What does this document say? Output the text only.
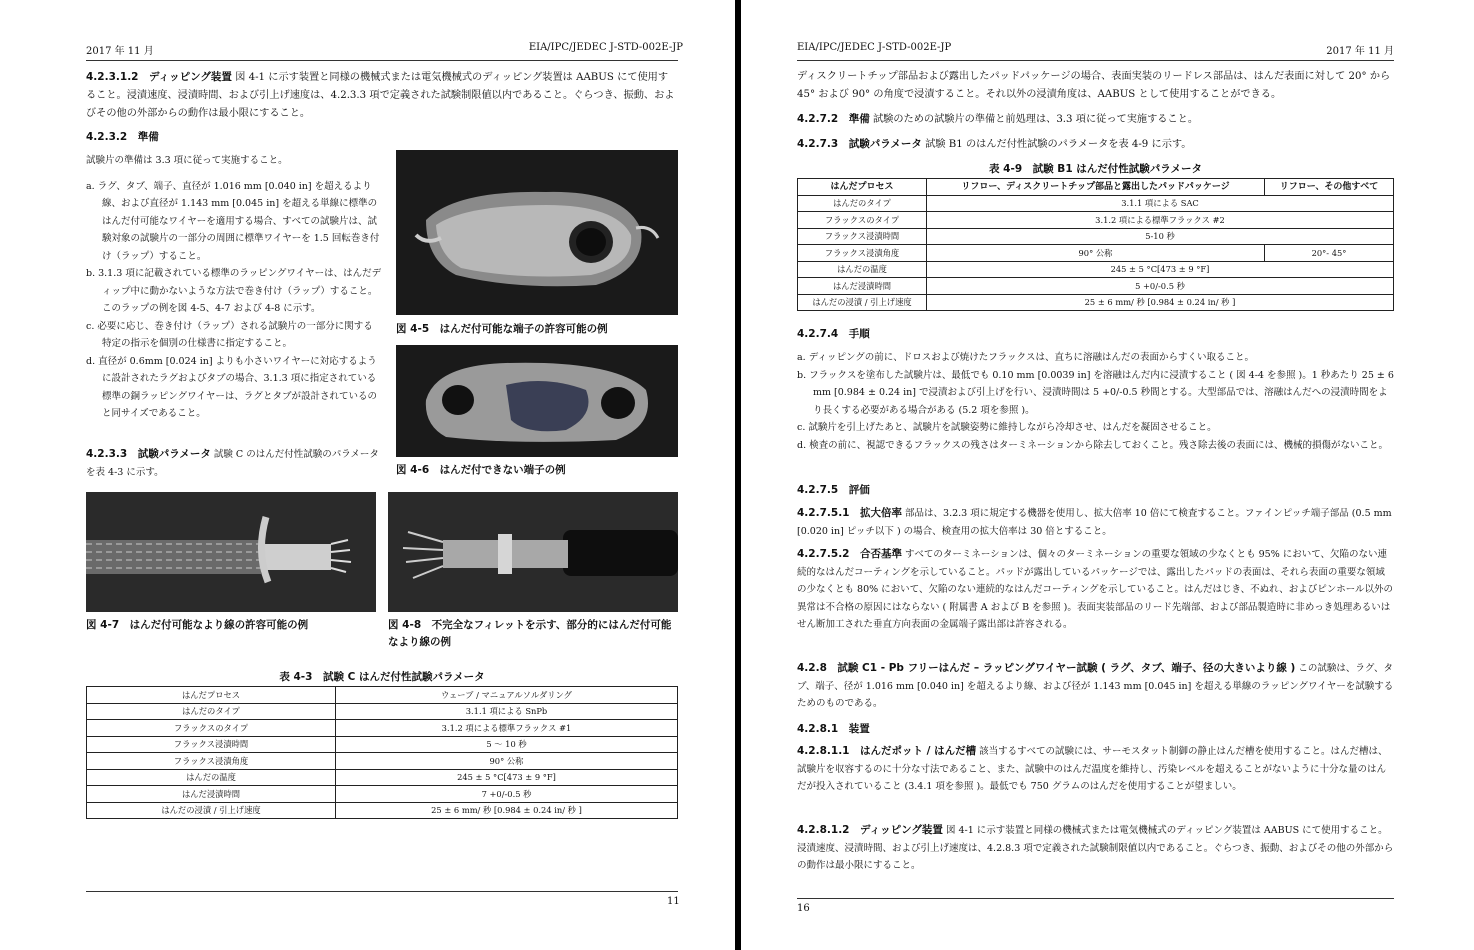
2017 年 11 月	EIA/IPC/JEDEC J-STD-002E-JP
4.2.3.1.2　ディッピング装置 図 4-1 に示す装置と同様の機械式または電気機械式のディッピング装置は AABUS にて使用すること。浸漬速度、浸漬時間、および引上げ速度は、4.2.3.3 項で定義された試験制限値以内であること。ぐらつき、振動、およびその他の外部からの動作は最小限にすること。

4.2.3.2　準備

試験片の準備は 3.3 項に従って実施すること。

a. ラグ、タブ、端子、直径が 1.016 mm [0.040 in] を超えるより線、および直径が 1.143 mm [0.045 in] を超える単線に標準のはんだ付可能なワイヤーを適用する場合、すべての試験片は、試験対象の試験片の一部分の周囲に標準ワイヤーを 1.5 回転巻き付け（ラップ）すること。
b. 3.1.3 項に記載されている標準のラッピングワイヤーは、はんだディップ中に動かないような方法で巻き付け（ラップ）すること。このラップの例を図 4-5、4-7 および 4-8 に示す。
c. 必要に応じ、巻き付け（ラップ）される試験片の一部分に関する特定の指示を個別の仕様書に指定すること。
d. 直径が 0.6mm [0.024 in] よりも小さいワイヤーに対応するように設計されたラグおよびタブの場合、3.1.3 項に指定されている標準の銅ラッピングワイヤーは、ラグとタブが設計されているのと同サイズであること。
4.2.3.3　試験パラメータ 試験 C のはんだ付性試験のパラメータを表 4-3 に示す。
図 4-5　はんだ付可能な端子の許容可能の例
図 4-6　はんだ付できない端子の例
図 4-7　はんだ付可能なより線の許容可能の例	図 4-8　不完全なフィレットを示す、部分的にはんだ付可能なより線の例
表 4-3　試験 C はんだ付性試験パラメータ
はんだプロセス	ウェーブ / マニュアルソルダリング
はんだのタイプ	3.1.1 項による SnPb
フラックスのタイプ	3.1.2 項による標準フラックス #1
フラックス浸漬時間	5 ～ 10 秒
フラックス浸漬角度	90° 公称
はんだの温度	245 ± 5 °C[473 ± 9 °F]
はんだ浸漬時間	7 +0/-0.5 秒
はんだの浸漬 / 引上げ速度	25 ± 6 mm/ 秒 [0.984 ± 0.24 in/ 秒 ]
11
EIA/IPC/JEDEC J-STD-002E-JP	2017 年 11 月

ディスクリートチップ部品および露出したパッドパッケージの場合、表面実装のリードレス部品は、はんだ表面に対して 20° から 45° および 90° の角度で浸漬すること。それ以外の浸漬角度は、AABUS として使用することができる。

4.2.7.2　準備 試験のための試験片の準備と前処理は、3.3 項に従って実施すること。
4.2.7.3　試験パラメータ 試験 B1 のはんだ付性試験のパラメータを表 4-9 に示す。
表 4-9　試験 B1 はんだ付性試験パラメータ
はんだプロセス	リフロー、ディスクリートチップ部品と露出したパッドパッケージ	リフロー、その他すべて
はんだのタイプ	3.1.1 項による SAC	
フラックスのタイプ	3.1.2 項による標準フラックス #2	
フラックス浸漬時間	5-10 秒	
フラックス浸漬角度	90° 公称	20°- 45°
はんだの温度	245 ± 5 °C[473 ± 9 °F]	
はんだ浸漬時間	5 +0/-0.5 秒	
はんだの浸漬 / 引上げ速度	25 ± 6 mm/ 秒 [0.984 ± 0.24 in/ 秒 ]	

4.2.7.4　手順

a. ディッピングの前に、ドロスおよび焼けたフラックスは、直ちに溶融はんだの表面からすくい取ること。
b. フラックスを塗布した試験片は、最低でも 0.10 mm [0.0039 in] を溶融はんだ内に浸漬すること ( 図 4-4 を参照 )。1 秒あたり 25 ± 6 mm [0.984 ± 0.24 in] で浸漬および引上げを行い、浸漬時間は 5 +0/-0.5 秒間とする。大型部品では、溶融はんだへの浸漬時間をより長くする必要がある場合がある (5.2 項を参照 )。
c. 試験片を引上げたあと、試験片を試験姿勢に維持しながら冷却させ、はんだを凝固させること。
d. 検査の前に、視認できるフラックスの残さはターミネーションから除去しておくこと。残さ除去後の表面には、機械的損傷がないこと。

4.2.7.5　評価

4.2.7.5.1　拡大倍率 部品は、3.2.3 項に規定する機器を使用し、拡大倍率 10 倍にて検査すること。ファインピッチ端子部品 (0.5 mm [0.020 in] ピッチ以下 ) の場合、検査用の拡大倍率は 30 倍とすること。
4.2.7.5.2　合否基準 すべてのターミネーションは、個々のターミネーションの重要な領域の少なくとも 95% において、欠陥のない連続的なはんだコーティングを示していること。パッドが露出しているパッケージでは、露出したパッドの表面は、それら表面の重要な領域の少なくとも 80% において、欠陥のない連続的なはんだコーティングを示していること。はんだはじき、不ぬれ、およびピンホール以外の異常は不合格の原因にはならない ( 附属書 A および B を参照 )。表面実装部品のリード先端部、および部品製造時に非めっき処理あるいはせん断加工された垂直方向表面の金属端子露出部は許容される。
4.2.8　試験 C1 - Pb フリーはんだ – ラッピングワイヤー試験 ( ラグ、タブ、端子、径の大きいより線 ) この試験は、ラグ、タブ、端子、径が 1.016 mm [0.040 in] を超えるより線、および径が 1.143 mm [0.045 in] を超える単線のラッピングワイヤーを試験するためのものである。

4.2.8.1　装置

4.2.8.1.1　はんだポット / はんだ槽 該当するすべての試験には、サーモスタット制御の静止はんだ槽を使用すること。はんだ槽は、試験片を収容するのに十分な寸法であること、また、試験中のはんだ温度を維持し、汚染レベルを超えることがないように十分な量のはんだが投入されていること (3.4.1 項を参照 )。最低でも 750 グラムのはんだを使用することが望ましい。
4.2.8.1.2　ディッピング装置 図 4-1 に示す装置と同様の機械式または電気機械式のディッピング装置は AABUS にて使用すること。浸漬速度、浸漬時間、および引上げ速度は、4.2.8.3 項で定義された試験制限値以内であること。ぐらつき、振動、およびその他の外部からの動作は最小限にすること。
16
